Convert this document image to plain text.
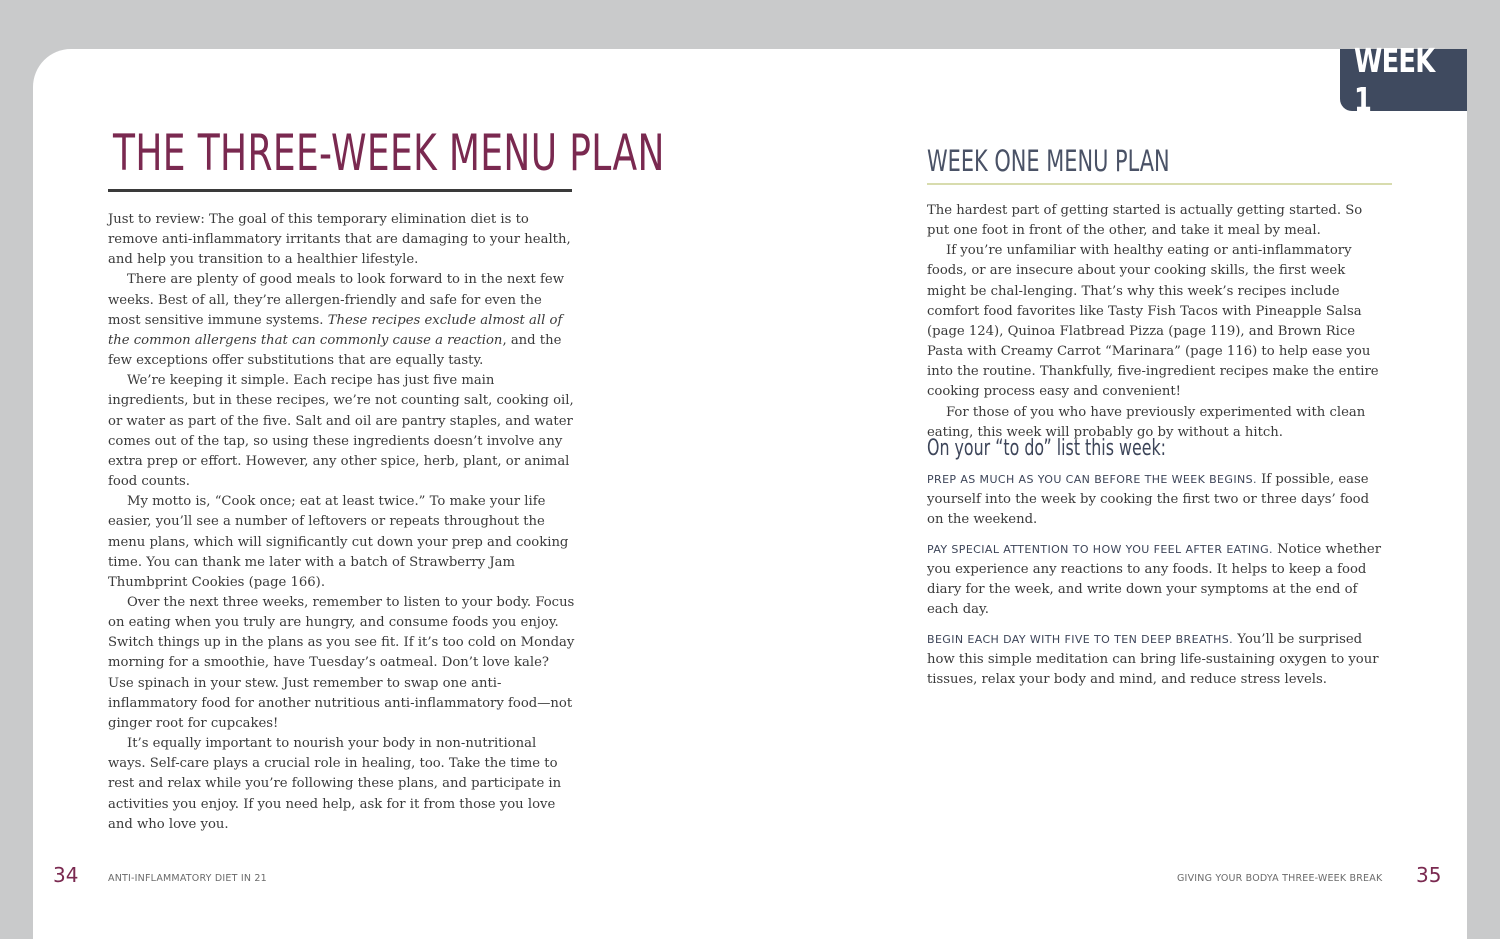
WEEK 1
THE THREE-WEEK MENU PLAN

Just to review: The goal of this temporary elimination diet is to remove anti-inflammatory irritants that are damaging to your health, and help you transition to a healthier lifestyle.

There are plenty of good meals to look forward to in the next few weeks. Best of all, they’re allergen-friendly and safe for even the most sensitive immune systems. These recipes exclude almost all of the common allergens that can commonly cause a reaction, and the few exceptions offer substitutions that are equally tasty.

We’re keeping it simple. Each recipe has just five main ingredients, but in these recipes, we’re not counting salt, cooking oil, or water as part of the five. Salt and oil are pantry staples, and water comes out of the tap, so using these ingredients doesn’t involve any extra prep or effort. However, any other spice, herb, plant, or animal food counts.

My motto is, “Cook once; eat at least twice.” To make your life easier, you’ll see a number of leftovers or repeats throughout the menu plans, which will significantly cut down your prep and cooking time. You can thank me later with a batch of Strawberry Jam Thumbprint Cookies (page 166).

Over the next three weeks, remember to listen to your body. Focus on eating when you truly are hungry, and consume foods you enjoy. Switch things up in the plans as you see fit. If it’s too cold on Monday morning for a smoothie, have Tuesday’s oatmeal. Don’t love kale? Use spinach in your stew. Just remember to swap one anti-inflammatory food for another nutritious anti-inflammatory food—not ginger root for cupcakes!

It’s equally important to nourish your body in non-nutritional ways. Self-care plays a crucial role in healing, too. Take the time to rest and relax while you’re following these plans, and participate in activities you enjoy. If you need help, ask for it from those you love and who love you.

34	ANTI-INFLAMMATORY DIET IN 21
WEEK ONE MENU PLAN

The hardest part of getting started is actually getting started. So put one foot in front of the other, and take it meal by meal.

If you’re unfamiliar with healthy eating or anti-inflammatory foods, or are insecure about your cooking skills, the first week might be chal-lenging. That’s why this week’s recipes include comfort food favorites like Tasty Fish Tacos with Pineapple Salsa (page 124), Quinoa Flatbread Pizza (page 119), and Brown Rice Pasta with Creamy Carrot “Marinara” (page 116) to help ease you into the routine. Thankfully, five-ingredient recipes make the entire cooking process easy and convenient!

For those of you who have previously experimented with clean eating, this week will probably go by without a hitch.

On your “to do” list this week:

PREP AS MUCH AS YOU CAN BEFORE THE WEEK BEGINS. If possible, ease yourself into the week by cooking the first two or three days’ food on the weekend.

PAY SPECIAL ATTENTION TO HOW YOU FEEL AFTER EATING. Notice whether you experience any reactions to any foods. It helps to keep a food diary for the week, and write down your symptoms at the end of each day.

BEGIN EACH DAY WITH FIVE TO TEN DEEP BREATHS. You’ll be surprised how this simple meditation can bring life-sustaining oxygen to your tissues, relax your body and mind, and reduce stress levels.

GIVING YOUR BODYA THREE-WEEK BREAK 35
